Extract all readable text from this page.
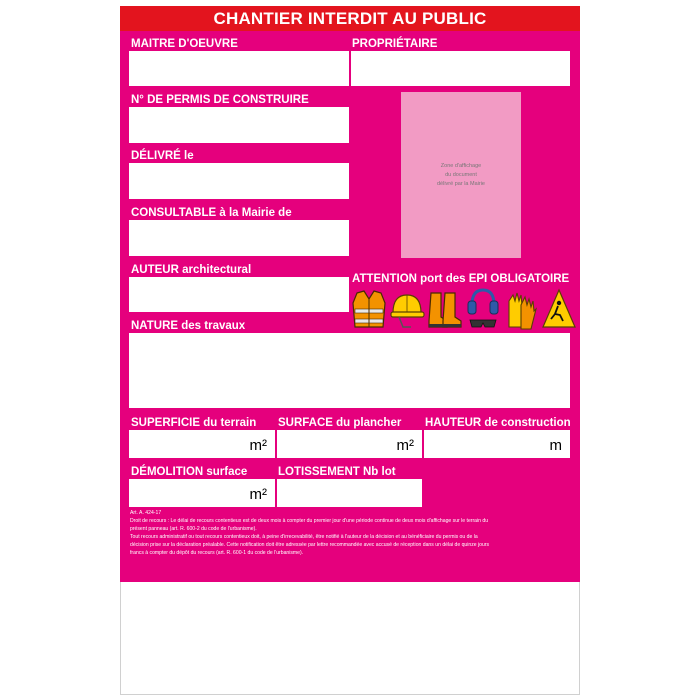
CHANTIER INTERDIT AU PUBLIC
MAITRE D'OEUVRE	PROPRIÉTAIRE
N° DE PERMIS DE CONSTRUIRE
DÉLIVRÉ le
CONSULTABLE à la Mairie de
Zone d'affichage
du document
délivré par la Mairie
AUTEUR architectural
ATTENTION port des EPI OBLIGATOIRE
NATURE des travaux
SUPERFICIE du terrain
m²
SURFACE du plancher
m²
HAUTEUR de construction
m
DÉMOLITION surface
m²
LOTISSEMENT Nb lot

Art. A. 424-17

Droit de recours : Le délai de recours contentieux est de deux mois à compter du premier jour d'une période continue de deux mois d'affichage sur le terrain du

présent panneau (art. R. 600-2 du code de l'urbanisme).

Tout recours administratif ou tout recours contentieux doit, à peine d'irrecevabilité, être notifié à l'auteur de la décision et au bénéficiaire du permis ou de la

décision prise sur la déclaration préalable. Cette notification doit être adressée par lettre recommandée avec accusé de réception dans un délai de quinze jours

francs à compter du dépôt du recours (art. R. 600-1 du code de l'urbanisme).
